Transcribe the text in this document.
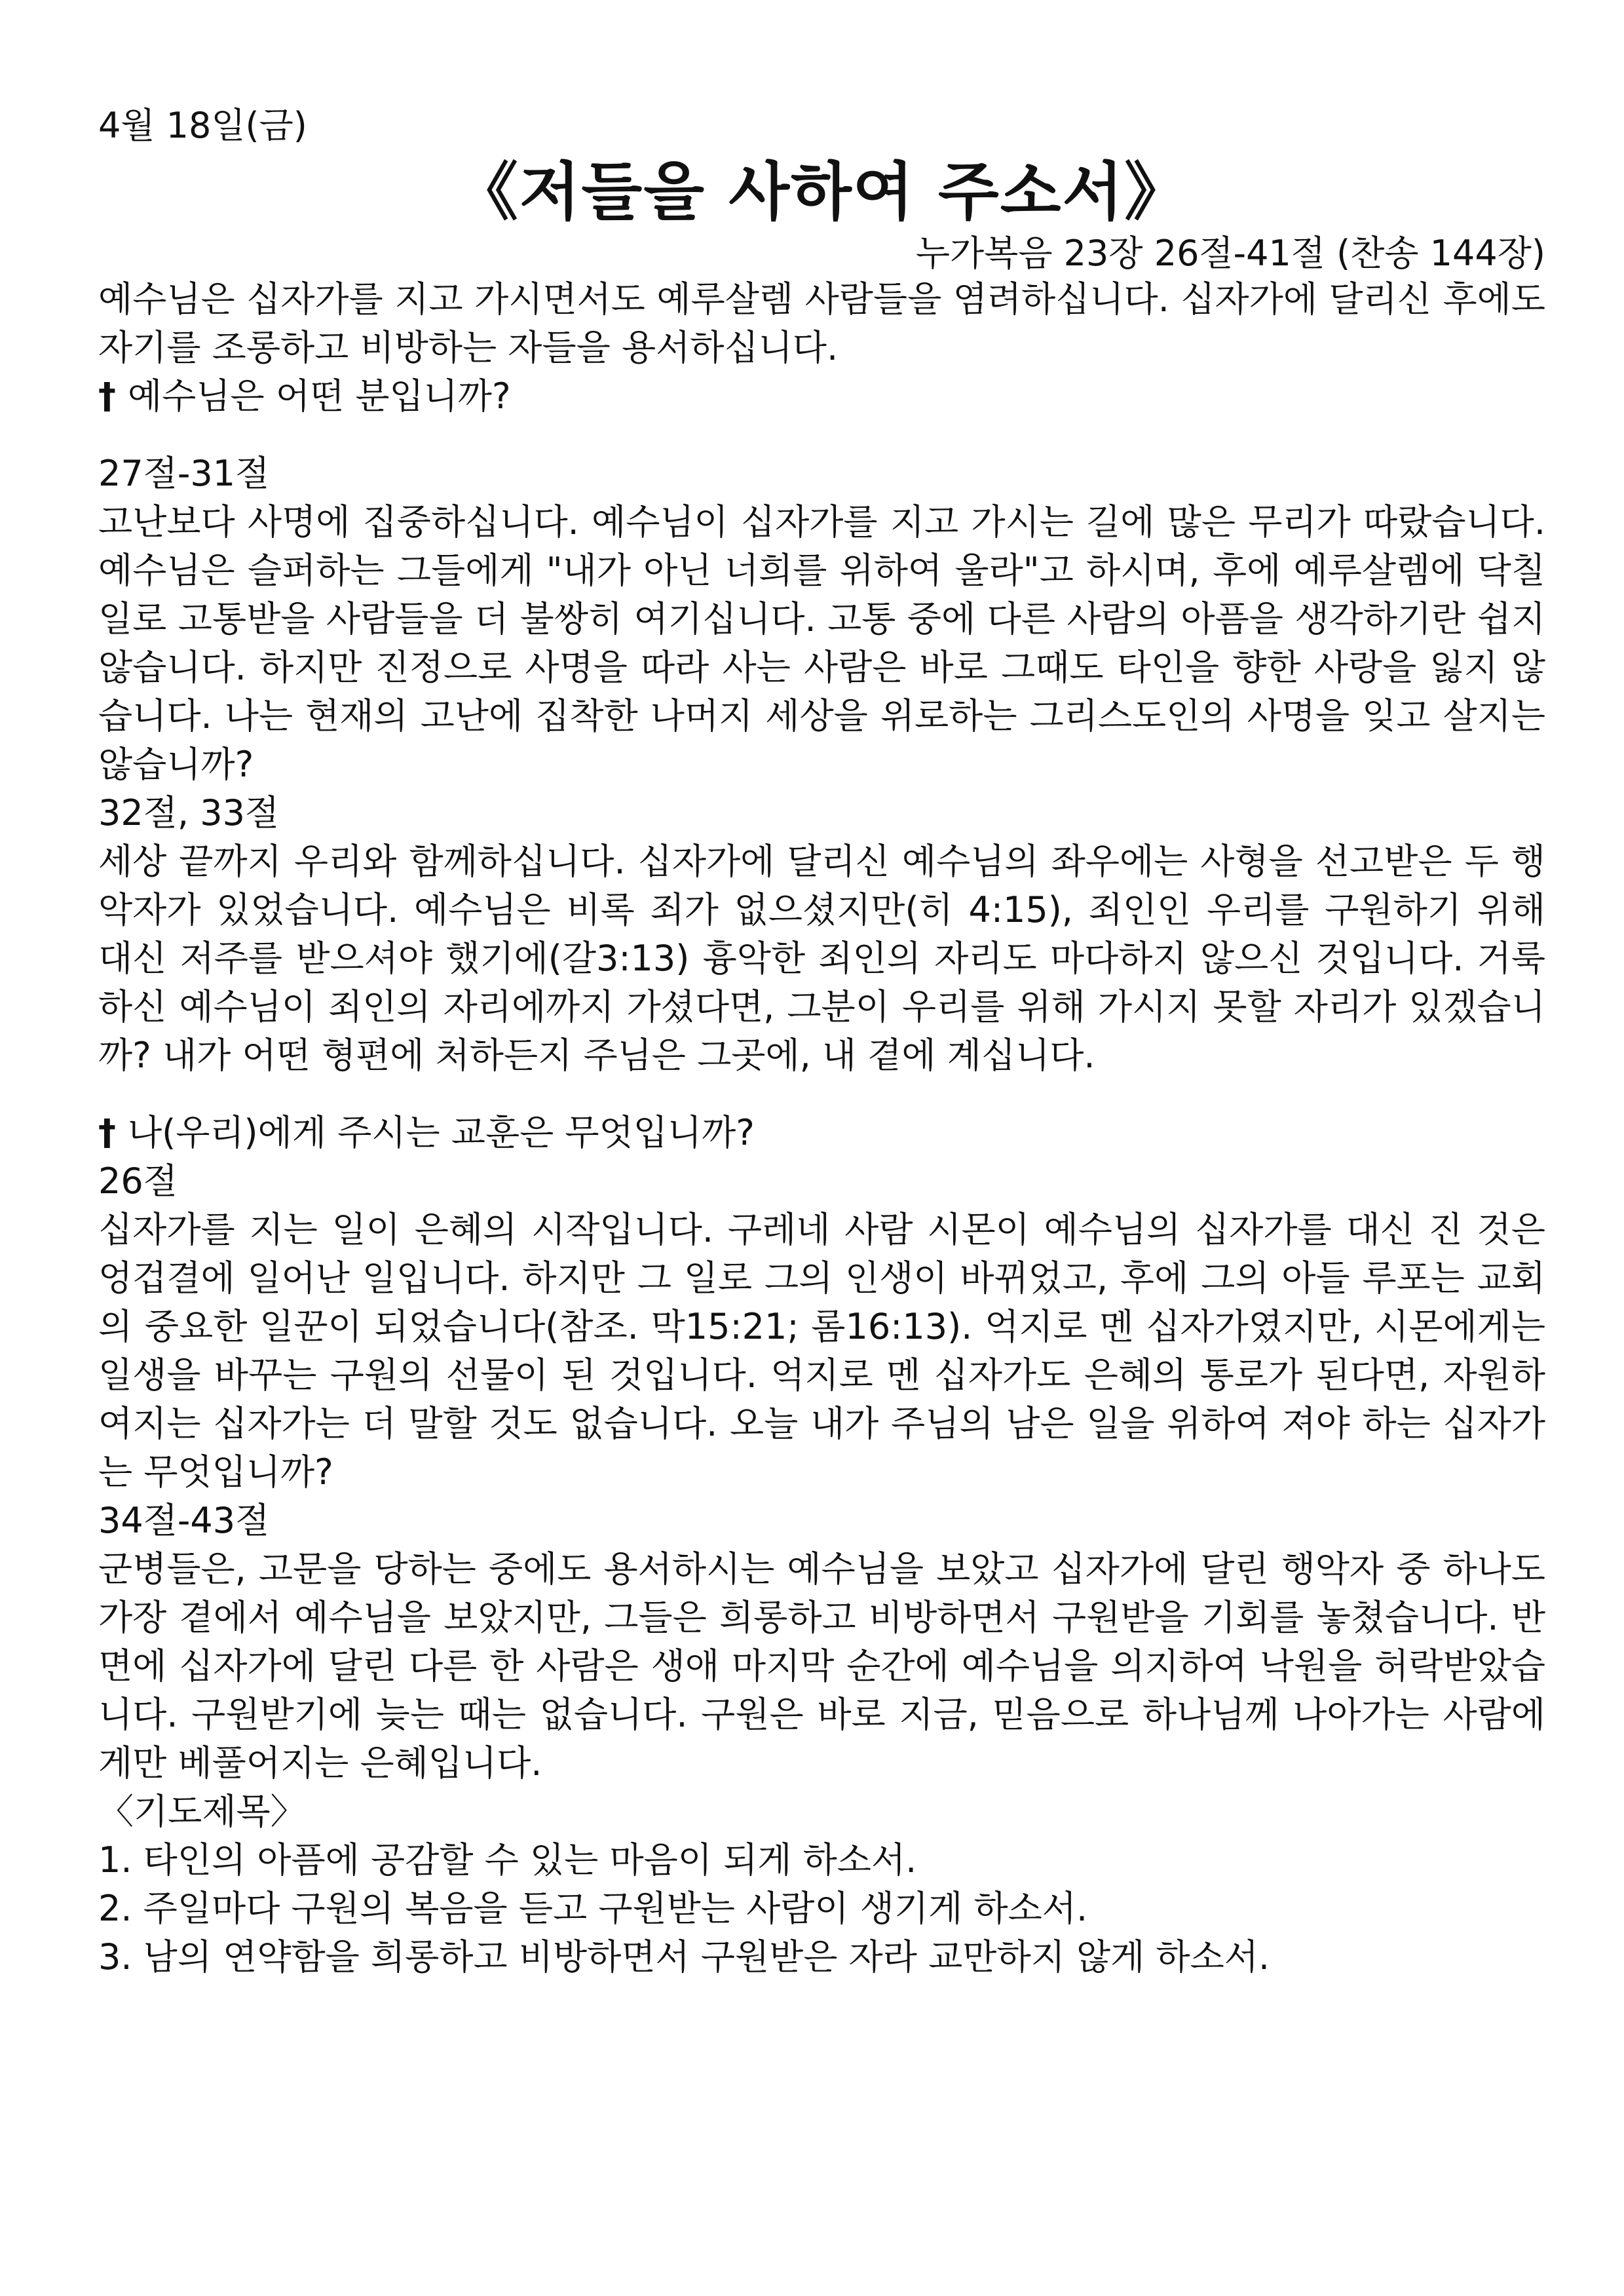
4월 18일(금)
《저들을 사하여 주소서》
누가복음 23장 26절-41절 (찬송 144장)

예수님은 십자가를 지고 가시면서도 예루살렘 사람들을 염려하십니다. 십자가에 달리신 후에도 자기를 조롱하고 비방하는 자들을 용서하십니다.

† 예수님은 어떤 분입니까?
27절-31절

고난보다 사명에 집중하십니다. 예수님이 십자가를 지고 가시는 길에 많은 무리가 따랐습니다. 예수님은 슬퍼하는 그들에게 "내가 아닌 너희를 위하여 울라"고 하시며, 후에 예루살렘에 닥칠 일로 고통받을 사람들을 더 불쌍히 여기십니다. 고통 중에 다른 사람의 아픔을 생각하기란 쉽지 않습니다. 하지만 진정으로 사명을 따라 사는 사람은 바로 그때도 타인을 향한 사랑을 잃지 않습니다. 나는 현재의 고난에 집착한 나머지 세상을 위로하는 그리스도인의 사명을 잊고 살지는 않습니까?

32절, 33절

세상 끝까지 우리와 함께하십니다. 십자가에 달리신 예수님의 좌우에는 사형을 선고받은 두 행악자가 있었습니다. 예수님은 비록 죄가 없으셨지만(히 4:15), 죄인인 우리를 구원하기 위해 대신 저주를 받으셔야 했기에(갈3:13) 흉악한 죄인의 자리도 마다하지 않으신 것입니다. 거룩하신 예수님이 죄인의 자리에까지 가셨다면, 그분이 우리를 위해 가시지 못할 자리가 있겠습니까? 내가 어떤 형편에 처하든지 주님은 그곳에, 내 곁에 계십니다.

† 나(우리)에게 주시는 교훈은 무엇입니까?
26절

십자가를 지는 일이 은혜의 시작입니다. 구레네 사람 시몬이 예수님의 십자가를 대신 진 것은 엉겁결에 일어난 일입니다. 하지만 그 일로 그의 인생이 바뀌었고, 후에 그의 아들 루포는 교회의 중요한 일꾼이 되었습니다(참조. 막15:21; 롬16:13). 억지로 멘 십자가였지만, 시몬에게는 일생을 바꾸는 구원의 선물이 된 것입니다. 억지로 멘 십자가도 은혜의 통로가 된다면, 자원하여지는 십자가는 더 말할 것도 없습니다. 오늘 내가 주님의 남은 일을 위하여 져야 하는 십자가는 무엇입니까?

34절-43절

군병들은, 고문을 당하는 중에도 용서하시는 예수님을 보았고 십자가에 달린 행악자 중 하나도 가장 곁에서 예수님을 보았지만, 그들은 희롱하고 비방하면서 구원받을 기회를 놓쳤습니다. 반면에 십자가에 달린 다른 한 사람은 생애 마지막 순간에 예수님을 의지하여 낙원을 허락받았습니다. 구원받기에 늦는 때는 없습니다. 구원은 바로 지금, 믿음으로 하나님께 나아가는 사람에게만 베풀어지는 은혜입니다.

〈기도제목〉
1. 타인의 아픔에 공감할 수 있는 마음이 되게 하소서.
2. 주일마다 구원의 복음을 듣고 구원받는 사람이 생기게 하소서.
3. 남의 연약함을 희롱하고 비방하면서 구원받은 자라 교만하지 않게 하소서.
